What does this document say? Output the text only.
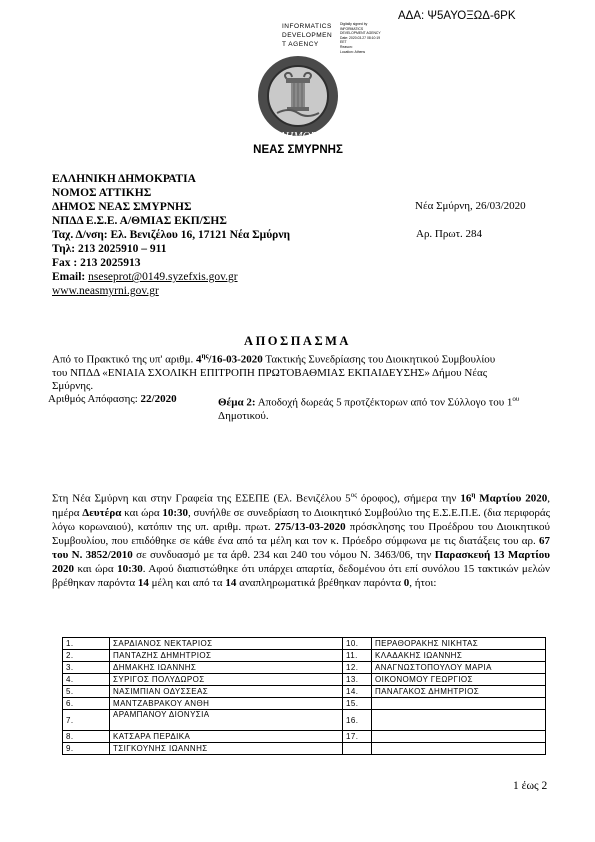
ΑΔΑ: Ψ5ΑΥΟΞΩΔ-6ΡΚ
INFORMATICS
DEVELOPMEN
T AGENCY
Digitally signed by
INFORMATICS
DEVELOPMENT AGENCY
Date: 2020.03.27 08:10:19
EET
Reason:
Location: Athens
ΔΗΜΟΣ
ΝΕΑΣ ΣΜΥΡΝΗΣ
ΕΛΛΗΝΙΚΗ ΔΗΜΟΚΡΑΤΙΑ
ΝΟΜΟΣ ΑΤΤΙΚΗΣ
ΔΗΜΟΣ ΝΕΑΣ ΣΜΥΡΝΗΣ
ΝΠΔΔ Ε.Σ.Ε. Α/ΘΜΙΑΣ ΕΚΠ/ΣΗΣ
Ταχ. Δ/νση: Ελ. Βενιζέλου 16, 17121 Νέα Σμύρνη
Τηλ: 213 2025910 – 911
Fax : 213 2025913
Email: nseseprot@0149.syzefxis.gov.gr
www.neasmyrni.gov.gr
Νέα Σμύρνη, 26/03/2020
Αρ. Πρωτ. 284
ΑΠΟΣΠΑΣΜΑ
Από το Πρακτικό της υπ' αριθμ. $4^{\eta\varsigma}/16-03-2020$ Τακτικής Συνεδρίασης του Διοικητικού Συμβουλίου
του ΝΠΔΔ «ΕΝΙΑΙΑ ΣΧΟΛΙΚΗ ΕΠΙΤΡΟΠΗ ΠΡΩΤΟΒΑΘΜΙΑΣ ΕΚΠΑΙΔΕΥΣΗΣ» Δήμου Νέας
Σμύρνης.
Αριθμός Απόφασης: 22/2020	Θέμα 2: Αποδοχή δωρεάς 5 προτζέκτορων από τον Σύλλογο του $1^{o\upsilon}$
Δημοτικού.
Στη Νέα Σμύρνη και στην Γραφεία της ΕΣΕΠΕ (Ελ. Βενιζέλου $5^{o\varsigma}$ όροφος), σήμερα την $16^\eta$ Μαρτίου 2020, ημέρα Δευτέρα και ώρα 10:30, συνήλθε σε συνεδρίαση το Διοικητικό Συμβούλιο της Ε.Σ.Ε.Π.Ε. (δια περιφοράς λόγω κορωναιού), κατόπιν της υπ. αριθμ. πρωτ. 275/13-03-2020 πρόσκλησης του Προέδρου του Διοικητικού Συμβουλίου, που επιδόθηκε σε κάθε ένα από τα μέλη και τον κ. Πρόεδρο σύμφωνα με τις διατάξεις του αρ. 67 του Ν. 3852/2010 σε συνδυασμό με τα άρθ. 234 και 240 του νόμου Ν. 3463/06, την Παρασκευή 13 Μαρτίου 2020 και ώρα 10:30. Αφού διαπιστώθηκε ότι υπάρχει απαρτία, δεδομένου ότι επί συνόλου 15 τακτικών μελών βρέθηκαν παρόντα 14 μέλη και από τα 14 αναπληρωματικά βρέθηκαν παρόντα 0, ήτοι:
1.	ΣΑΡΔΙΑΝΟΣ ΝΕΚΤΑΡΙΟΣ	10.	ΠΕΡΑΘΟΡΑΚΗΣ ΝΙΚΗΤΑΣ
2.	ΠΑΝΤΑΖΗΣ ΔΗΜΗΤΡΙΟΣ	11.	ΚΛΑΔΑΚΗΣ ΙΩΑΝΝΗΣ
3.	ΔΗΜΑΚΗΣ ΙΩΑΝΝΗΣ	12.	ΑΝΑΓΝΩΣΤΟΠΟΥΛΟΥ ΜΑΡΙΑ
4.	ΣΥΡΙΓΟΣ ΠΟΛΥΔΩΡΟΣ	13.	ΟΙΚΟΝΟΜΟΥ ΓΕΩΡΓΙΟΣ
5.	ΝΑΣΙΜΠΙΑΝ ΟΔΥΣΣΕΑΣ	14.	ΠΑΝΑΓΑΚΟΣ ΔΗΜΗΤΡΙΟΣ
6.	ΜΑΝΤΖΑΒΡΑΚΟΥ ΑΝΘΗ	15.	
7.	ΑΡΑΜΠΑΝΟΥ ΔΙΟΝΥΣΙΑ	16.	
8.	ΚΑΤΣΑΡΑ ΠΕΡΔΙΚΑ	17.	
9.	ΤΣΙΓΚΟΥΝΗΣ ΙΩΑΝΝΗΣ		
1 έως 2
